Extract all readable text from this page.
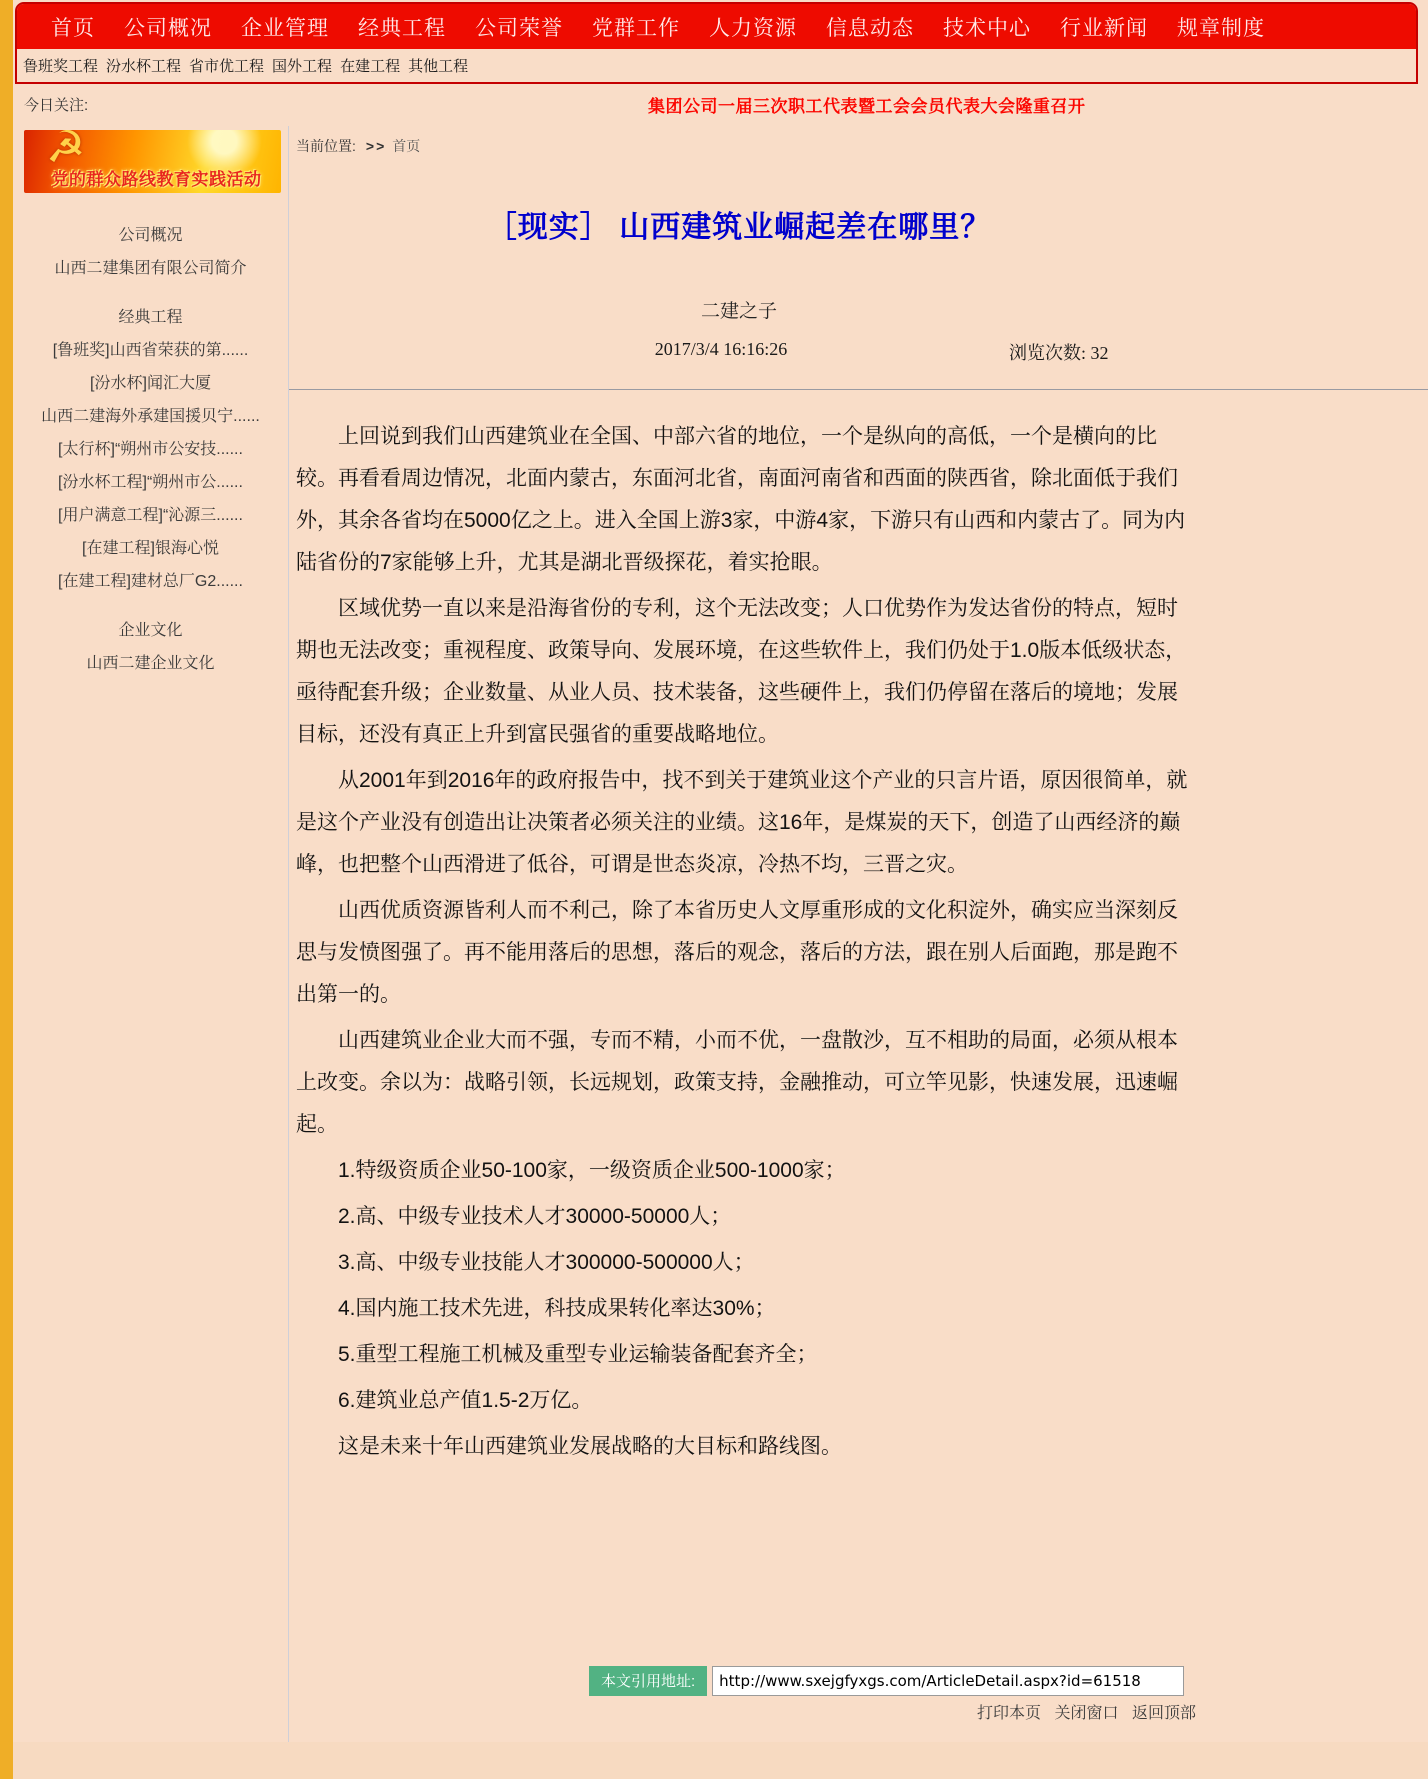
首页 公司概况 企业管理 经典工程 公司荣誉 党群工作 人力资源 信息动态 技术中心 行业新闻 规章制度
鲁班奖工程 汾水杯工程 省市优工程 国外工程 在建工程 其他工程
今日关注:	集团公司一届三次职工代表暨工会会员代表大会隆重召开
☭
党的群众路线教育实践活动
公司概况
山西二建集团有限公司简介
经典工程
[鲁班奖]山西省荣获的第......
[汾水杯]闻汇大厦
山西二建海外承建国援贝宁......
[太行杯]“朔州市公安技......
[汾水杯工程]“朔州市公......
[用户满意工程]“沁源三......
[在建工程]银海心悦
[在建工程]建材总厂G2......
企业文化
山西二建企业文化
当前位置: >> 首页
［现实］ 山西建筑业崛起差在哪里？
二建之子
2017/3/4 16:16:26	浏览次数: 32

上回说到我们山西建筑业在全国、中部六省的地位，一个是纵向的高低，一个是横向的比较。再看看周边情况，北面内蒙古，东面河北省，南面河南省和西面的陕西省，除北面低于我们外，其余各省均在5000亿之上。进入全国上游3家，中游4家，下游只有山西和内蒙古了。同为内陆省份的7家能够上升，尤其是湖北晋级探花，着实抢眼。

区域优势一直以来是沿海省份的专利，这个无法改变；人口优势作为发达省份的特点，短时期也无法改变；重视程度、政策导向、发展环境，在这些软件上，我们仍处于1.0版本低级状态，亟待配套升级；企业数量、从业人员、技术装备，这些硬件上，我们仍停留在落后的境地；发展目标，还没有真正上升到富民强省的重要战略地位。

从2001年到2016年的政府报告中，找不到关于建筑业这个产业的只言片语，原因很简单，就是这个产业没有创造出让决策者必须关注的业绩。这16年，是煤炭的天下，创造了山西经济的巅峰，也把整个山西滑进了低谷，可谓是世态炎凉，冷热不均，三晋之灾。

山西优质资源皆利人而不利己，除了本省历史人文厚重形成的文化积淀外，确实应当深刻反思与发愤图强了。再不能用落后的思想，落后的观念，落后的方法，跟在别人后面跑，那是跑不出第一的。

山西建筑业企业大而不强，专而不精，小而不优，一盘散沙，互不相助的局面，必须从根本上改变。余以为：战略引领，长远规划，政策支持，金融推动，可立竿见影，快速发展，迅速崛起。

1.特级资质企业50-100家，一级资质企业500-1000家；

2.高、中级专业技术人才30000-50000人；

3.高、中级专业技能人才300000-500000人；

4.国内施工技术先进，科技成果转化率达30%；

5.重型工程施工机械及重型专业运输装备配套齐全；

6.建筑业总产值1.5-2万亿。

这是未来十年山西建筑业发展战略的大目标和路线图。

本文引用地址:
http://www.sxejgfyxgs.com/ArticleDetail.aspx?id=61518
打印本页 关闭窗口 返回顶部
